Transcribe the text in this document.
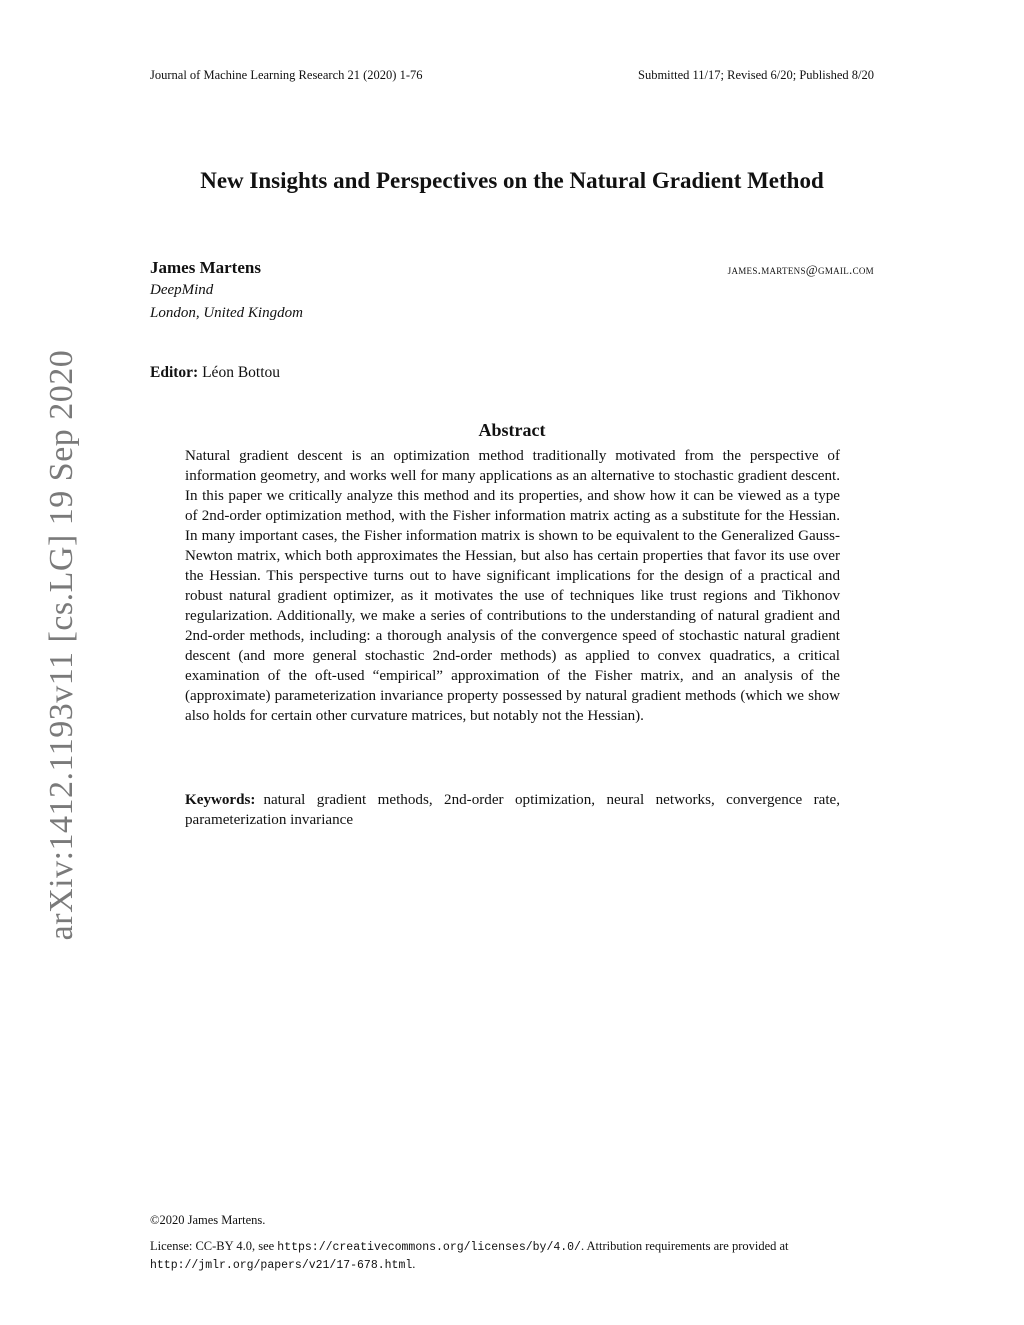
Journal of Machine Learning Research 21 (2020) 1-76	Submitted 11/17; Revised 6/20; Published 8/20
New Insights and Perspectives on the Natural Gradient Method
James Martens	james.martens@gmail.com
DeepMind
London, United Kingdom
Editor: Léon Bottou
Abstract
Natural gradient descent is an optimization method traditionally motivated from the perspective of information geometry, and works well for many applications as an alternative to stochastic gradient descent. In this paper we critically analyze this method and its properties, and show how it can be viewed as a type of 2nd-order optimization method, with the Fisher information matrix acting as a substitute for the Hessian. In many important cases, the Fisher information matrix is shown to be equivalent to the Generalized Gauss-Newton matrix, which both approximates the Hessian, but also has certain properties that favor its use over the Hessian. This perspective turns out to have significant implications for the design of a practical and robust natural gradient optimizer, as it motivates the use of techniques like trust regions and Tikhonov regularization. Additionally, we make a series of contributions to the understanding of natural gradient and 2nd-order methods, including: a thorough analysis of the convergence speed of stochastic natural gradient descent (and more general stochastic 2nd-order methods) as applied to convex quadratics, a critical examination of the oft-used “empirical” approximation of the Fisher matrix, and an analysis of the (approximate) parameterization invariance property possessed by natural gradient methods (which we show also holds for certain other curvature matrices, but notably not the Hessian).
Keywords: natural gradient methods, 2nd-order optimization, neural networks, convergence rate, parameterization invariance
arXiv:1412.1193v11 [cs.LG] 19 Sep 2020
©2020 James Martens.
License: CC-BY 4.0, see https://creativecommons.org/licenses/by/4.0/. Attribution requirements are provided at http://jmlr.org/papers/v21/17-678.html.
